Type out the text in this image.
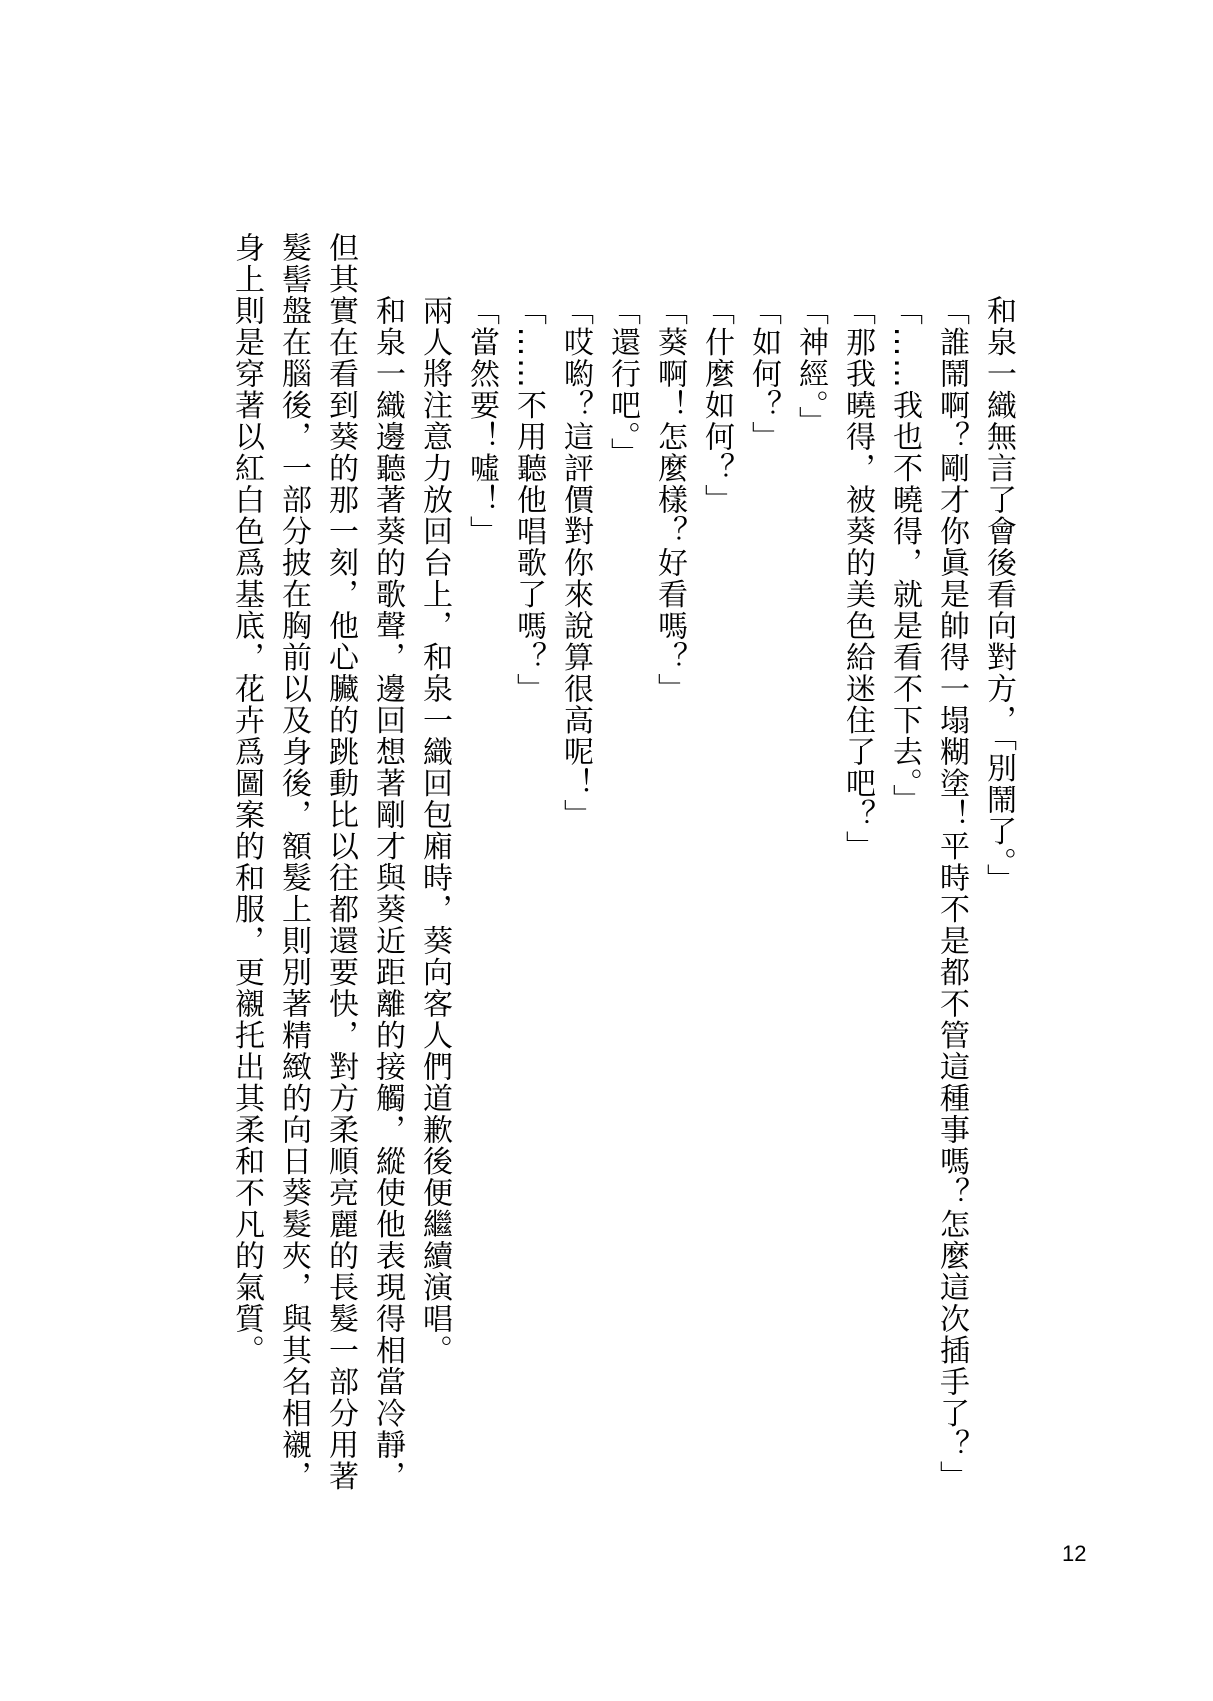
和泉一織無言了會後看向對方，「別鬧了。」
「誰鬧啊？剛才你眞是帥得一塌糊塗！平時不是都不管這種事嗎？怎麼這次插手了？」
「……我也不曉得，就是看不下去。」
「那我曉得，被葵的美色給迷住了吧？」
「神經。」
「如何？」
「什麼如何？」
「葵啊！怎麼樣？好看嗎？」
「還行吧。」
「哎喲？這評價對你來說算很高呢！」
「……不用聽他唱歌了嗎？」
「當然要！噓！」
兩人將注意力放回台上，和泉一織回包廂時，葵向客人們道歉後便繼續演唱。
和泉一織邊聽著葵的歌聲，邊回想著剛才與葵近距離的接觸，縱使他表現得相當冷靜，
但其實在看到葵的那一刻，他心臟的跳動比以往都還要快，對方柔順亮麗的長髮一部分用著
髮髻盤在腦後，一部分披在胸前以及身後，額髮上則別著精緻的向日葵髮夾，與其名相襯，
身上則是穿著以紅白色爲基底，花卉爲圖案的和服，更襯托出其柔和不凡的氣質。
12
